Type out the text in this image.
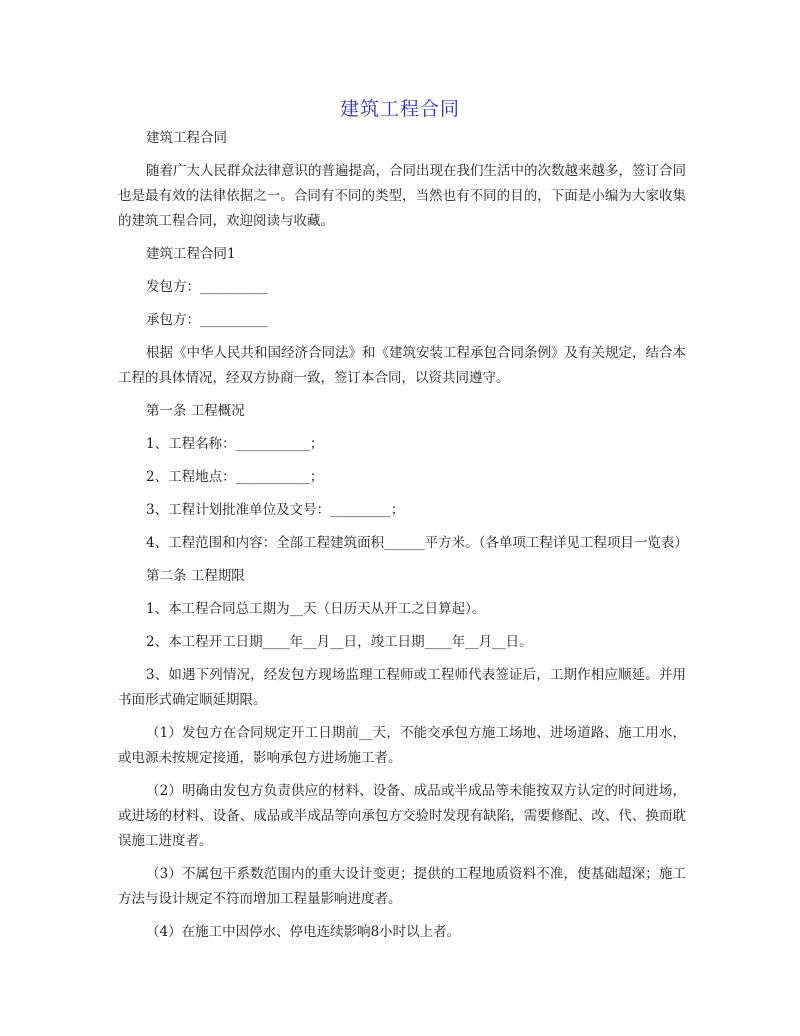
建筑工程合同

建筑工程合同

随着广大人民群众法律意识的普遍提高，合同出现在我们生活中的次数越来越多，签订合同也是最有效的法律依据之一。合同有不同的类型，当然也有不同的目的，下面是小编为大家收集的建筑工程合同，欢迎阅读与收藏。

建筑工程合同1

发包方：__________

承包方：__________

根据《中华人民共和国经济合同法》和《建筑安装工程承包合同条例》及有关规定，结合本工程的具体情况，经双方协商一致，签订本合同，以资共同遵守。

第一条 工程概况

1、工程名称：___________；

2、工程地点：___________；

3、工程计划批准单位及文号：_________；

4、工程范围和内容：全部工程建筑面积______平方米。（各单项工程详见工程项目一览表）

第二条 工程期限

1、本工程合同总工期为__天（日历天从开工之日算起）。

2、本工程开工日期____年__月__日，竣工日期____年__月__日。

3、如遇下列情况，经发包方现场监理工程师或工程师代表签证后，工期作相应顺延。并用书面形式确定顺延期限。

（1）发包方在合同规定开工日期前__天，不能交承包方施工场地、进场道路、施工用水，或电源未按规定接通，影响承包方进场施工者。

（2）明确由发包方负责供应的材料、设备、成品或半成品等未能按双方认定的时间进场，或进场的材料、设备、成品或半成品等向承包方交验时发现有缺陷，需要修配、改、代、换而耽误施工进度者。

（3）不属包干系数范围内的重大设计变更；提供的工程地质资料不准，使基础超深；施工方法与设计规定不符而增加工程量影响进度者。

（4）在施工中因停水、停电连续影响8小时以上者。
